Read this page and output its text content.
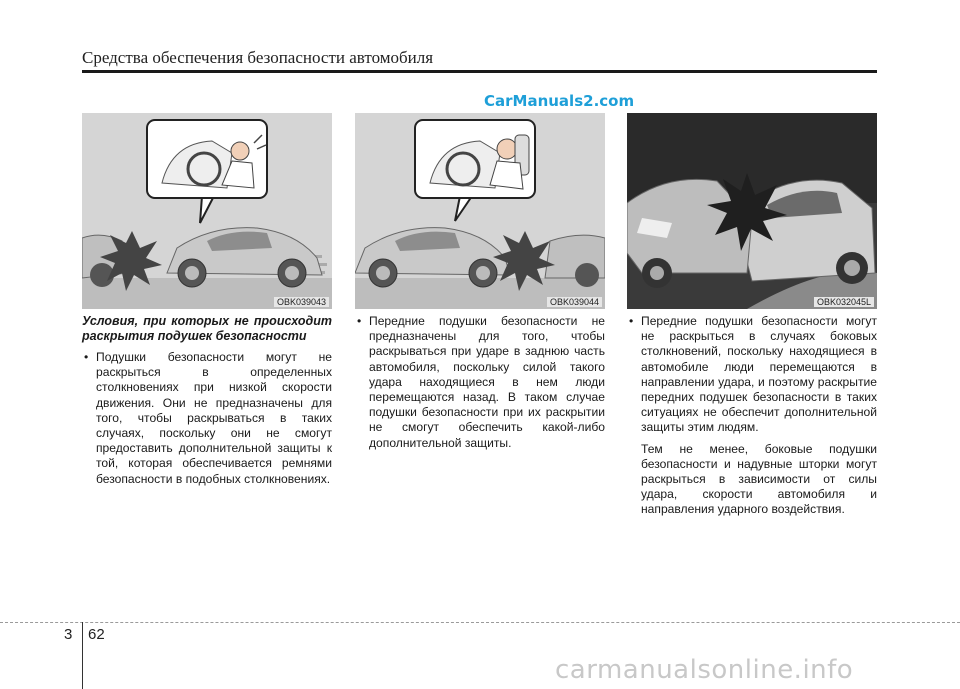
Средства обеспечения безопасности автомобиля
CarManuals2.com
OBK039043	OBK039044	OBK032045L

Условия, при которых не происходит раскрытия подушек безопасности

• Подушки безопасности могут не раскрыться в определенных столкновениях при низкой скорости движения. Они не предназначены для того, чтобы раскрываться в таких случаях, поскольку они не смогут предоставить дополнительной защиты к той, которая обеспечивается ремнями безопасности в подобных столкновениях.

• Передние подушки безопасности не предназначены для того, чтобы раскрываться при ударе в заднюю часть автомобиля, поскольку силой такого удара находящиеся в нем люди перемещаются назад. В таком случае подушки безопасности при их раскрытии не смогут обеспечить какой-либо дополнительной защиты.

• Передние подушки безопасности могут не раскрыться в случаях боковых столкновений, поскольку находящиеся в автомобиле люди перемещаются в направлении удара, и поэтому раскрытие передних подушек безопасности в таких ситуациях не обеспечит дополнительной защиты этим людям.

Тем не менее, боковые подушки безопасности и надувные шторки могут раскрыться в зависимости от силы удара, скорости автомобиля и направления ударного воздействия.

3 62
carmanualsonline.info
